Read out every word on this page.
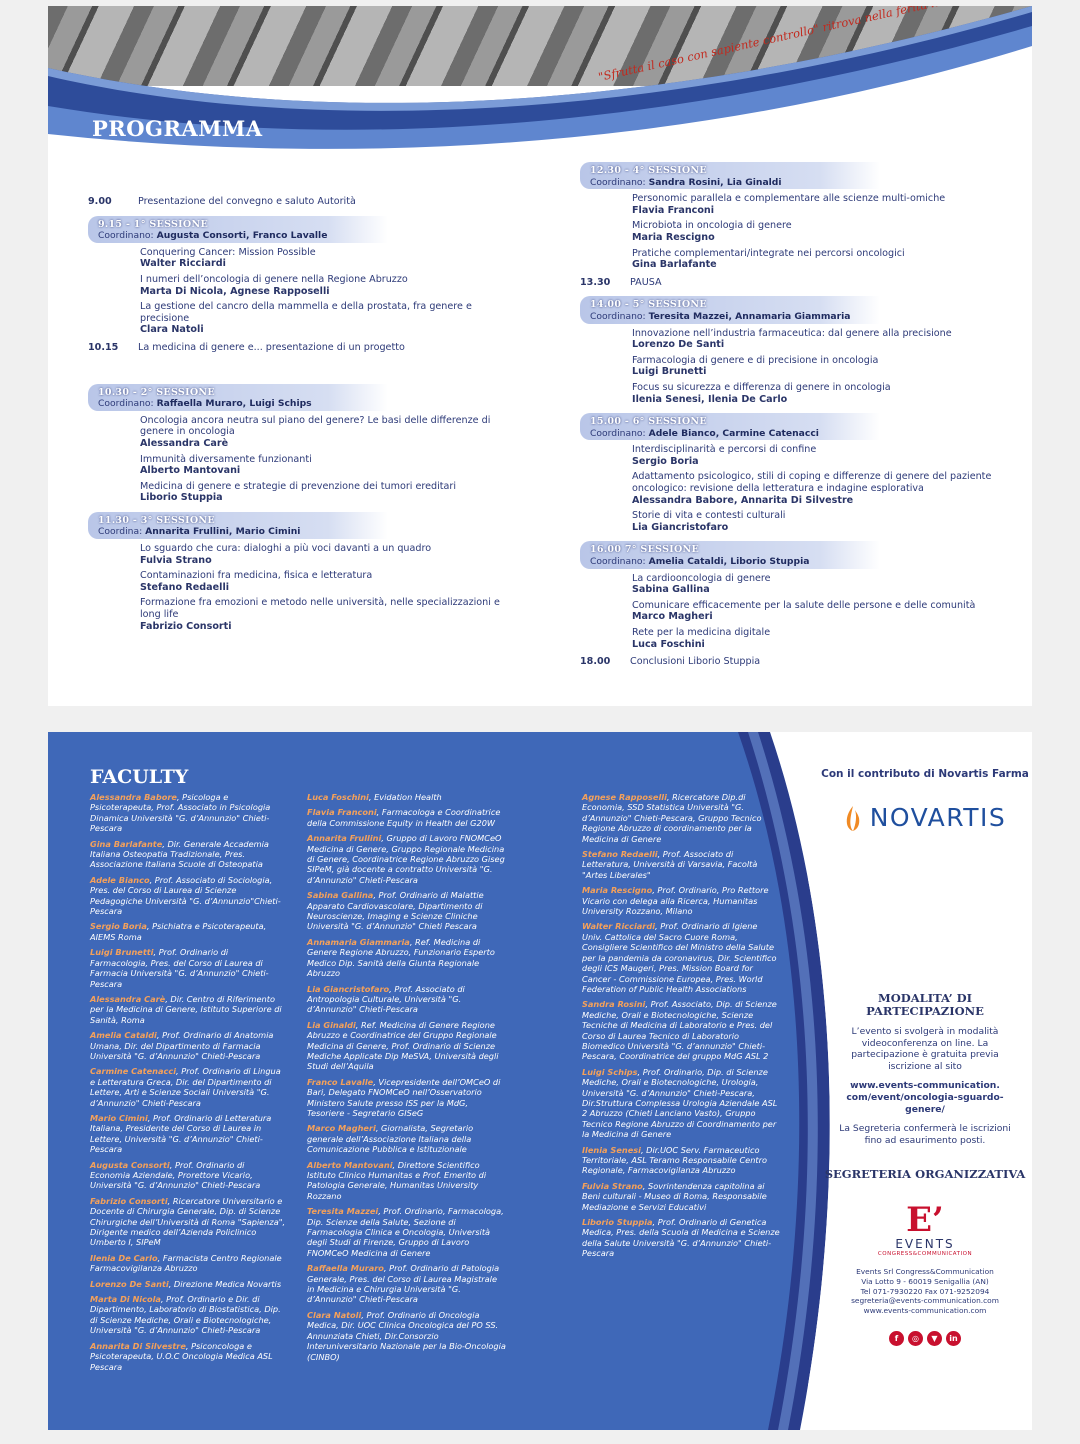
PROGRAMMA
9.00	Presentazione del convegno e saluto Autorità
9.15 - 1° SESSIONE
Coordinano: Augusta Consorti, Franco Lavalle
Conquering Cancer: Mission Possible
Walter Ricciardi
I numeri dell’oncologia di genere nella Regione Abruzzo
Marta Di Nicola, Agnese Rapposelli
La gestione del cancro della mammella e della prostata, fra genere e precisione
Clara Natoli
10.15	La medicina di genere e... presentazione di un progetto
10.30 - 2° SESSIONE
Coordinano: Raffaella Muraro, Luigi Schips
Oncologia ancora neutra sul piano del genere? Le basi delle differenze di genere in oncologia
Alessandra Carè
Immunità diversamente funzionanti
Alberto Mantovani
Medicina di genere e strategie di prevenzione dei tumori ereditari
Liborio Stuppia
11.30 - 3° SESSIONE
Coordina: Annarita Frullini, Mario Cimini
Lo sguardo che cura: dialoghi a più voci davanti a un quadro
Fulvia Strano
Contaminazioni fra medicina, fisica e letteratura
Stefano Redaelli
Formazione fra emozioni e metodo nelle università, nelle specializzazioni e long life
Fabrizio Consorti
12.30 - 4° SESSIONE
Coordinano: Sandra Rosini, Lia Ginaldi
Personomic parallela e complementare alle scienze multi-omiche
Flavia Franconi
Microbiota in oncologia di genere
Maria Rescigno
Pratiche complementari/integrate nei percorsi oncologici
Gina Barlafante
13.30	PAUSA
14.00 - 5° SESSIONE
Coordinano: Teresita Mazzei, Annamaria Giammaria
Innovazione nell’industria farmaceutica: dal genere alla precisione
Lorenzo De Santi
Farmacologia di genere e di precisione in oncologia
Luigi Brunetti
Focus su sicurezza e differenza di genere in oncologia
Ilenia Senesi, Ilenia De Carlo
15.00 - 6° SESSIONE
Coordinano: Adele Bianco, Carmine Catenacci
Interdisciplinarità e percorsi di confine
Sergio Boria
Adattamento psicologico, stili di coping e differenze di genere del paziente oncologico: revisione della letteratura e indagine esplorativa
Alessandra Babore, Annarita Di Silvestre
Storie di vita e contesti culturali
Lia Giancristofaro
16.00 7° SESSIONE
Coordinano: Amelia Cataldi, Liborio Stuppia
La cardiooncologia di genere
Sabina Gallina
Comunicare efficacemente per la salute delle persone e delle comunità
Marco Magheri
Rete per la medicina digitale
Luca Foschini
18.00	Conclusioni Liborio Stuppia
FACULTY
Alessandra Babore, Psicologa e Psicoterapeuta, Prof. Associato in Psicologia Dinamica Università "G. d’Annunzio" Chieti-Pescara
Gina Barlafante, Dir. Generale Accademia Italiana Osteopatia Tradizionale, Pres. Associazione Italiana Scuole di Osteopatia
Adele Bianco, Prof. Associato di Sociologia, Pres. del Corso di Laurea di Scienze Pedagogiche Università "G. d’Annunzio"Chieti-Pescara
Sergio Boria, Psichiatra e Psicoterapeuta, AIEMS Roma
Luigi Brunetti, Prof. Ordinario di Farmacologia, Pres. del Corso di Laurea di Farmacia Università "G. d’Annunzio" Chieti-Pescara
Alessandra Carè, Dir. Centro di Riferimento per la Medicina di Genere, Istituto Superiore di Sanità, Roma
Amelia Cataldi, Prof. Ordinario di Anatomia Umana, Dir. del Dipartimento di Farmacia Università "G. d’Annunzio" Chieti-Pescara
Carmine Catenacci, Prof. Ordinario di Lingua e Letteratura Greca, Dir. del Dipartimento di Lettere, Arti e Scienze Sociali Università "G. d’Annunzio" Chieti-Pescara
Mario Cimini, Prof. Ordinario di Letteratura Italiana, Presidente del Corso di Laurea in Lettere, Università "G. d’Annunzio" Chieti-Pescara
Augusta Consorti, Prof. Ordinario di Economia Aziendale, Prorettore Vicario, Università "G. d’Annunzio" Chieti-Pescara
Fabrizio Consorti, Ricercatore Universitario e Docente di Chirurgia Generale, Dip. di Scienze Chirurgiche dell’Università di Roma "Sapienza", Dirigente medico dell’Azienda Policlinico Umberto I, SIPeM
Ilenia De Carlo, Farmacista Centro Regionale Farmacovigilanza Abruzzo
Lorenzo De Santi, Direzione Medica Novartis
Marta Di Nicola, Prof. Ordinario e Dir. di Dipartimento, Laboratorio di Biostatistica, Dip. di Scienze Mediche, Orali e Biotecnologiche, Università "G. d’Annunzio" Chieti-Pescara
Annarita Di Silvestre, Psiconcologa e Psicoterapeuta, U.O.C Oncologia Medica ASL Pescara
Luca Foschini, Evidation Health
Flavia Franconi, Farmacologa e Coordinatrice della Commissione Equity in Health del G20W
Annarita Frullini, Gruppo di Lavoro FNOMCeO Medicina di Genere, Gruppo Regionale Medicina di Genere, Coordinatrice Regione Abruzzo Giseg SIPeM, già docente a contratto Università "G. d’Annunzio" Chieti-Pescara
Sabina Gallina, Prof. Ordinario di Malattie Apparato Cardiovascolare, Dipartimento di Neuroscienze, Imaging e Scienze Cliniche Università "G. d’Annunzio" Chieti Pescara
Annamaria Giammaria, Ref. Medicina di Genere Regione Abruzzo, Funzionario Esperto Medico Dip. Sanità della Giunta Regionale Abruzzo
Lia Giancristofaro, Prof. Associato di Antropologia Culturale, Università "G. d’Annunzio" Chieti-Pescara
Lia Ginaldi, Ref. Medicina di Genere Regione Abruzzo e Coordinatrice del Gruppo Regionale Medicina di Genere, Prof. Ordinario di Scienze Mediche Applicate Dip MeSVA, Università degli Studi dell’Aquila
Franco Lavalle, Vicepresidente dell’OMCeO di Bari, Delegato FNOMCeO nell’Osservatorio Ministero Salute presso ISS per la MdG, Tesoriere - Segretario GISeG
Marco Magheri, Giornalista, Segretario generale dell’Associazione Italiana della Comunicazione Pubblica e Istituzionale
Alberto Mantovani, Direttore Scientifico Istituto Clinico Humanitas e Prof. Emerito di Patologia Generale, Humanitas University Rozzano
Teresita Mazzei, Prof. Ordinario, Farmacologa, Dip. Scienze della Salute, Sezione di Farmacologia Clinica e Oncologia, Università degli Studi di Firenze, Gruppo di Lavoro FNOMCeO Medicina di Genere
Raffaella Muraro, Prof. Ordinario di Patologia Generale, Pres. del Corso di Laurea Magistrale in Medicina e Chirurgia Università "G. d’Annunzio" Chieti-Pescara
Clara Natoli, Prof. Ordinario di Oncologia Medica, Dir. UOC Clinica Oncologica del PO SS. Annunziata Chieti, Dir.Consorzio Interuniversitario Nazionale per la Bio-Oncologia (CINBO)
Agnese Rapposelli, Ricercatore Dip.di Economia, SSD Statistica Università "G. d’Annunzio" Chieti-Pescara, Gruppo Tecnico Regione Abruzzo di coordinamento per la Medicina di Genere
Stefano Redaelli, Prof. Associato di Letteratura, Università di Varsavia, Facoltà "Artes Liberales"
Maria Rescigno, Prof. Ordinario, Pro Rettore Vicario con delega alla Ricerca, Humanitas University Rozzano, Milano
Walter Ricciardi, Prof. Ordinario di Igiene Univ. Cattolica del Sacro Cuore Roma, Consigliere Scientifico del Ministro della Salute per la pandemia da coronavirus, Dir. Scientifico degli ICS Maugeri, Pres. Mission Board for Cancer - Commissione Europea, Pres. World Federation of Public Health Associations
Sandra Rosini, Prof. Associato, Dip. di Scienze Mediche, Orali e Biotecnologiche, Scienze Tecniche di Medicina di Laboratorio e Pres. del Corso di Laurea Tecnico di Laboratorio Biomedico Università "G. d’annunzio" Chieti-Pescara, Coordinatrice del gruppo MdG ASL 2
Luigi Schips, Prof. Ordinario, Dip. di Scienze Mediche, Orali e Biotecnologiche, Urologia, Università "G. d’Annunzio" Chieti-Pescara, Dir.Struttura Complessa Urologia Aziendale ASL 2 Abruzzo (Chieti Lanciano Vasto), Gruppo Tecnico Regione Abruzzo di Coordinamento per la Medicina di Genere
Ilenia Senesi, Dir.UOC Serv. Farmaceutico Territoriale, ASL Teramo Responsabile Centro Regionale, Farmacovigilanza Abruzzo
Fulvia Strano, Sovrintendenza capitolina ai Beni culturali - Museo di Roma, Responsabile Mediazione e Servizi Educativi
Liborio Stuppia, Prof. Ordinario di Genetica Medica, Pres. della Scuola di Medicina e Scienze della Salute Università "G. d’Annunzio" Chieti-Pescara
Con il contributo di Novartis Farma
NOVARTIS
MODALITA’ DI PARTECIPAZIONE
L’evento si svolgerà in modalità videoconferenza on line. La partecipazione è gratuita previa iscrizione al sito
www.events-communication. com/event/oncologia-sguardo-genere/
La Segreteria confermerà le iscrizioni fino ad esaurimento posti.
SEGRETERIA ORGANIZZATIVA
E’
EVENTS
CONGRESS&COMMUNICATION
Events Srl Congress&Communication
Via Lotto 9 - 60019 Senigallia (AN)
Tel 071-7930220 Fax 071-9252094
segreteria@events-communication.com
www.events-communication.com
f	◎	▼	in
